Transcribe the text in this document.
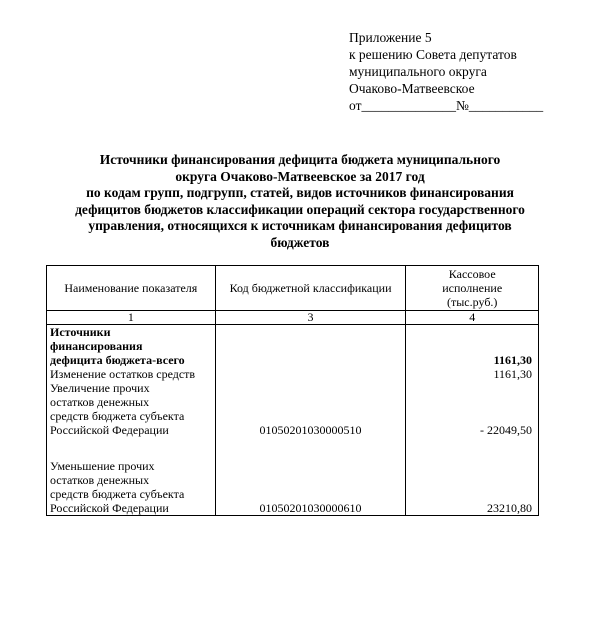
Приложение 5
к решению Совета депутатов
муниципального округа
Очаково-Матвеевское
от______________№___________
Источники финансирования дефицита бюджета муниципального
округа Очаково-Матвеевское за 2017 год
по кодам групп, подгрупп, статей, видов источников финансирования
дефицитов бюджетов классификации операций сектора государственного
управления, относящихся к источникам финансирования дефицитов
бюджетов
Наименование показателя	Код бюджетной классификации	Кассовое
исполнение
(тыс.руб.)

1	3	4

Источники
финансирования
дефицита бюджета-всего		1161,30

Изменение остатков средств		1161,30

Увеличение прочих
остатков денежных
средств бюджета субъекта
Российской Федерации	01050201030000510	- 22049,50

Уменьшение прочих
остатков денежных
средств бюджета субъекта
Российской Федерации	01050201030000610	23210,80
